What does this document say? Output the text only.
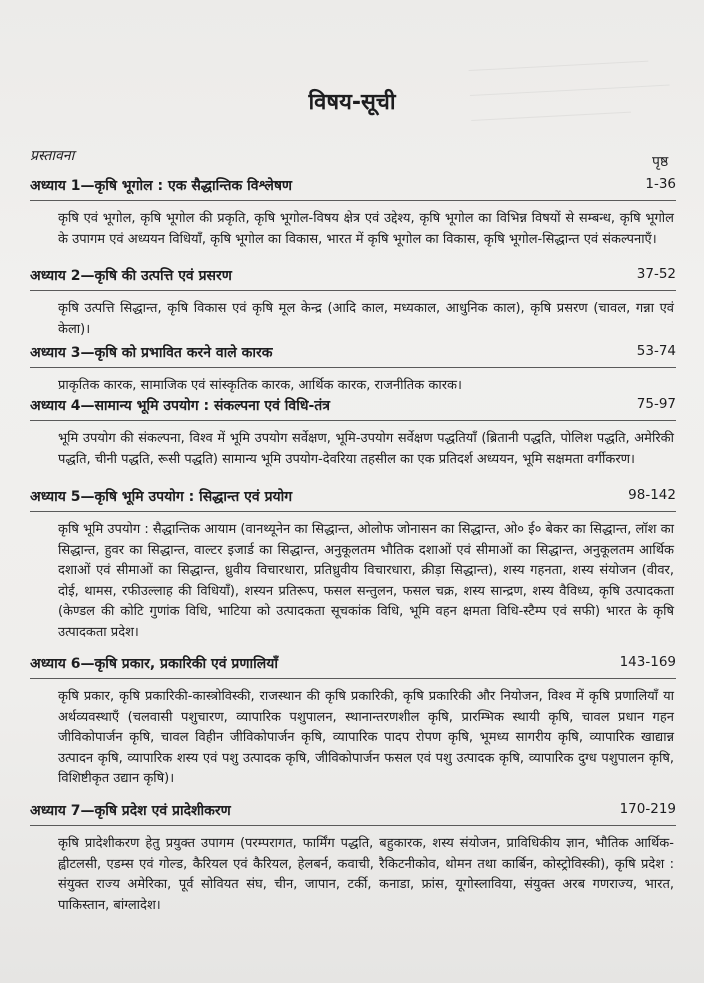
विषय-सूची
प्रस्तावना	पृष्ठ
अध्याय 1—कृषि भूगोल : एक सैद्धान्तिक विश्लेषण	1-36
कृषि एवं भूगोल, कृषि भूगोल की प्रकृति, कृषि भूगोल-विषय क्षेत्र एवं उद्देश्य, कृषि भूगोल का विभिन्न विषयों से सम्बन्ध, कृषि भूगोल के उपागम एवं अध्ययन विधियाँ, कृषि भूगोल का विकास, भारत में कृषि भूगोल का विकास, कृषि भूगोल-सिद्धान्त एवं संकल्पनाएँ।
अध्याय 2—कृषि की उत्पत्ति एवं प्रसरण	37-52
कृषि उत्पत्ति सिद्धान्त, कृषि विकास एवं कृषि मूल केन्द्र (आदि काल, मध्यकाल, आधुनिक काल), कृषि प्रसरण (चावल, गन्ना एवं केला)।
अध्याय 3—कृषि को प्रभावित करने वाले कारक	53-74
प्राकृतिक कारक, सामाजिक एवं सांस्कृतिक कारक, आर्थिक कारक, राजनीतिक कारक।
अध्याय 4—सामान्य भूमि उपयोग : संकल्पना एवं विधि-तंत्र	75-97
भूमि उपयोग की संकल्पना, विश्व में भूमि उपयोग सर्वेक्षण, भूमि-उपयोग सर्वेक्षण पद्धतियाँ (ब्रितानी पद्धति, पोलिश पद्धति, अमेरिकी पद्धति, चीनी पद्धति, रूसी पद्धति) सामान्य भूमि उपयोग-देवरिया तहसील का एक प्रतिदर्श अध्ययन, भूमि सक्षमता वर्गीकरण।
अध्याय 5—कृषि भूमि उपयोग : सिद्धान्त एवं प्रयोग	98-142
कृषि भूमि उपयोग : सैद्धान्तिक आयाम (वानथ्यूनेन का सिद्धान्त, ओलोफ जोनासन का सिद्धान्त, ओ० ई० बेकर का सिद्धान्त, लॉश का सिद्धान्त, हुवर का सिद्धान्त, वाल्टर इजार्ड का सिद्धान्त, अनुकूलतम भौतिक दशाओं एवं सीमाओं का सिद्धान्त, अनुकूलतम आर्थिक दशाओं एवं सीमाओं का सिद्धान्त, ध्रुवीय विचारधारा, प्रतिध्रुवीय विचारधारा, क्रीड़ा सिद्धान्त), शस्य गहनता, शस्य संयोजन (वीवर, दोई, थामस, रफीउल्लाह की विधियाँ), शस्यन प्रतिरूप, फसल सन्तुलन, फसल चक्र, शस्य सान्द्रण, शस्य वैविध्य, कृषि उत्पादकता (केण्डल की कोटि गुणांक विधि, भाटिया को उत्पादकता सूचकांक विधि, भूमि वहन क्षमता विधि-स्टैम्प एवं सफी) भारत के कृषि उत्पादकता प्रदेश।
अध्याय 6—कृषि प्रकार, प्रकारिकी एवं प्रणालियाँ	143-169
कृषि प्रकार, कृषि प्रकारिकी-कास्त्रोविस्की, राजस्थान की कृषि प्रकारिकी, कृषि प्रकारिकी और नियोजन, विश्व में कृषि प्रणालियाँ या अर्थव्यवस्थाएँ (चलवासी पशुचारण, व्यापारिक पशुपालन, स्थानान्तरणशील कृषि, प्रारम्भिक स्थायी कृषि, चावल प्रधान गहन जीविकोपार्जन कृषि, चावल विहीन जीविकोपार्जन कृषि, व्यापारिक पादप रोपण कृषि, भूमध्य सागरीय कृषि, व्यापारिक खाद्यान्न उत्पादन कृषि, व्यापारिक शस्य एवं पशु उत्पादक कृषि, जीविकोपार्जन फसल एवं पशु उत्पादक कृषि, व्यापारिक दुग्ध पशुपालन कृषि, विशिष्टीकृत उद्यान कृषि)।
अध्याय 7—कृषि प्रदेश एवं प्रादेशीकरण	170-219
कृषि प्रादेशीकरण हेतु प्रयुक्त उपागम (परम्परागत, फार्मिंग पद्धति, बहुकारक, शस्य संयोजन, प्राविधिकीय ज्ञान, भौतिक आर्थिक-ह्वीटलसी, एडम्स एवं गोल्ड, कैरियल एवं कैरियल, हेलबर्न, कवाची, रैकिटनीकोव, थोमन तथा कार्बिन, कोस्ट्रोविस्की), कृषि प्रदेश : संयुक्त राज्य अमेरिका, पूर्व सोवियत संघ, चीन, जापान, टर्की, कनाडा, फ्रांस, यूगोस्लाविया, संयुक्त अरब गणराज्य, भारत, पाकिस्तान, बांग्लादेश।
